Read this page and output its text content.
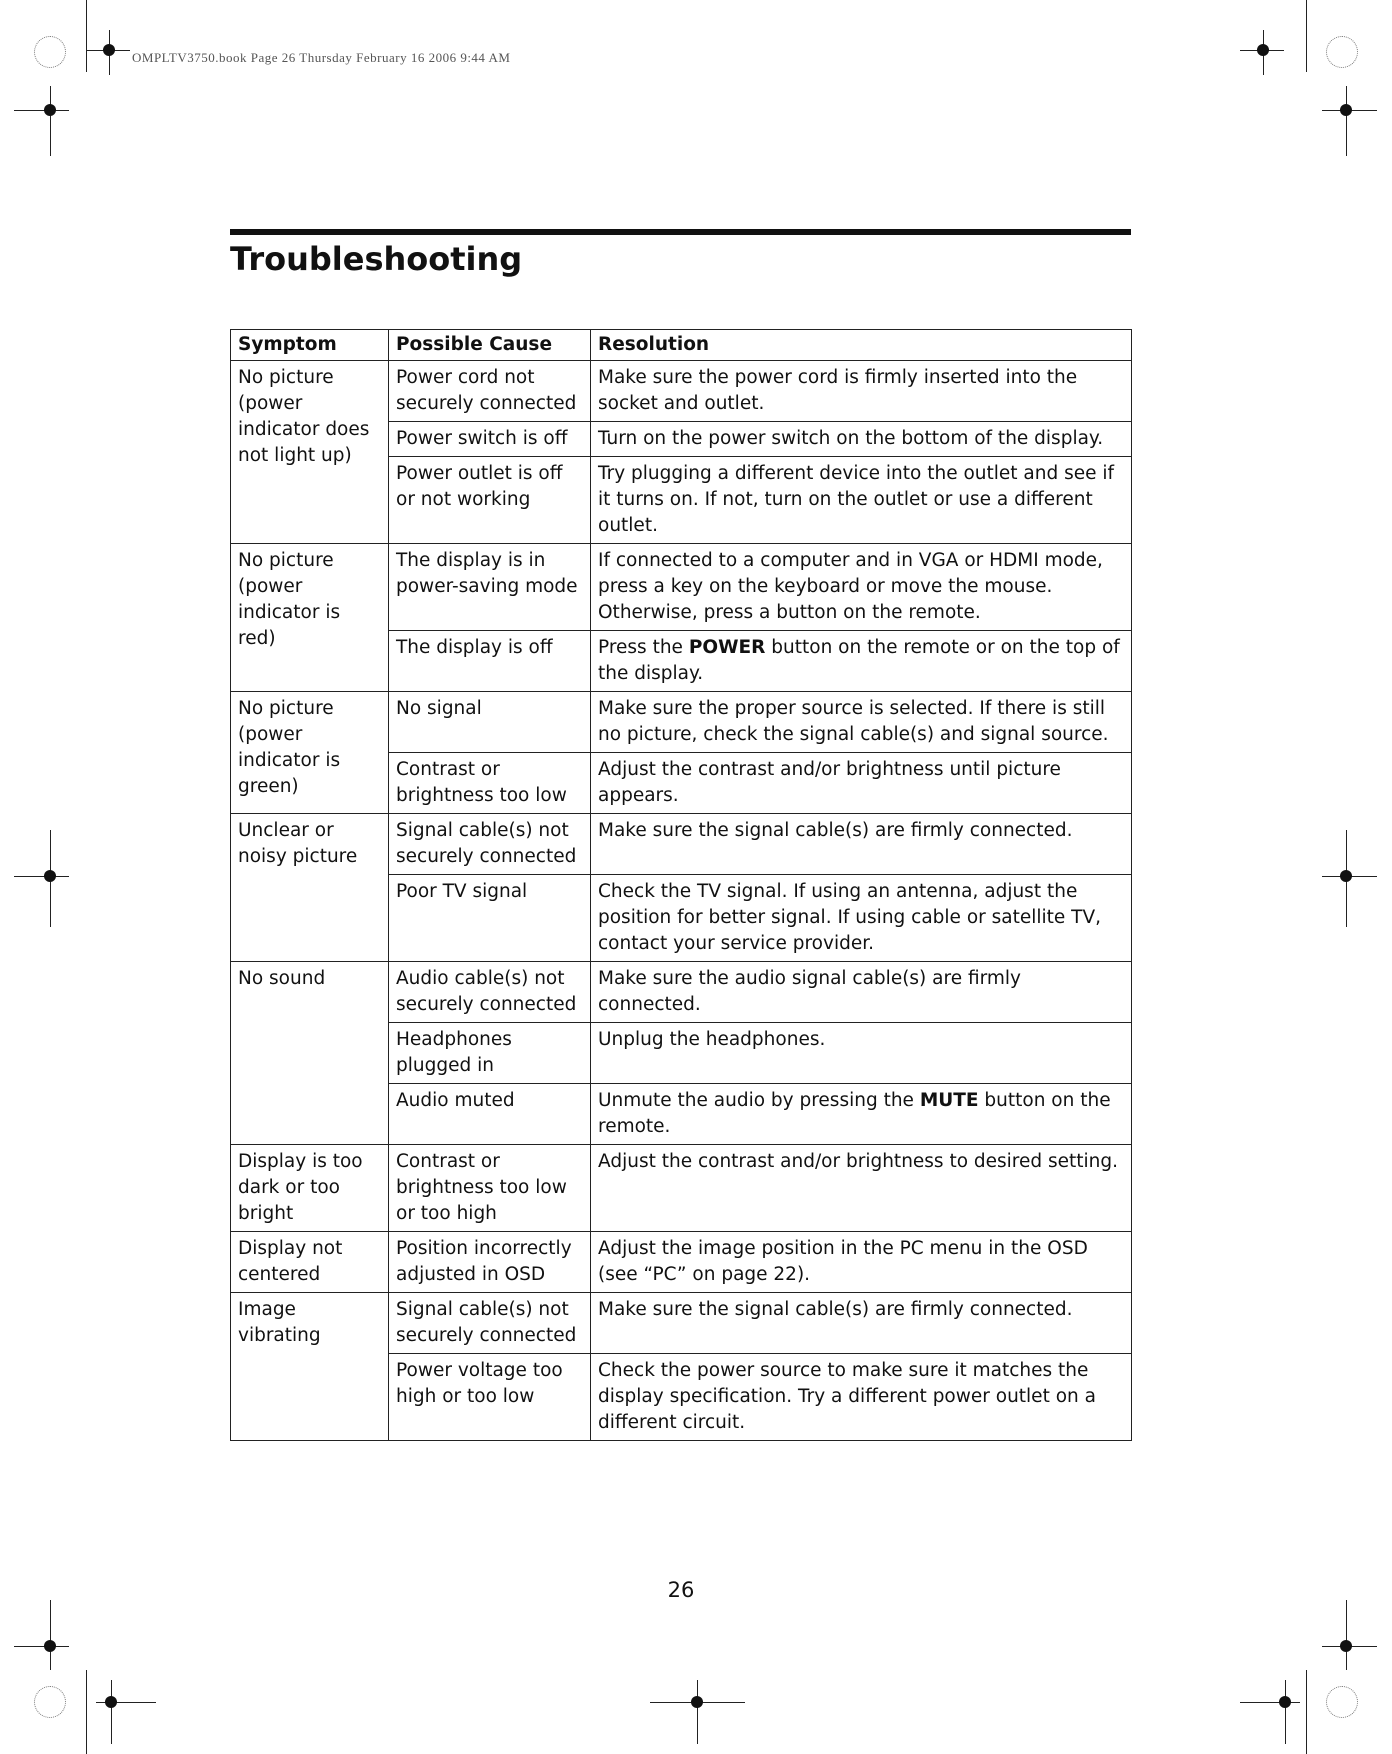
OMPLTV3750.book Page 26 Thursday February 16 2006 9:44 AM
Troubleshooting
Symptom	Possible Cause	Resolution
No picture (power indicator does not light up)	Power cord not securely connected	Make sure the power cord is firmly inserted into the socket and outlet.
	Power switch is off	Turn on the power switch on the bottom of the display.
	Power outlet is off or not working	Try plugging a different device into the outlet and see if it turns on. If not, turn on the outlet or use a different outlet.
No picture (power indicator is red)	The display is in power-saving mode	If connected to a computer and in VGA or HDMI mode, press a key on the keyboard or move the mouse. Otherwise, press a button on the remote.
	The display is off	Press the POWER button on the remote or on the top of the display.
No picture (power indicator is green)	No signal	Make sure the proper source is selected. If there is still no picture, check the signal cable(s) and signal source.
	Contrast or brightness too low	Adjust the contrast and/or brightness until picture appears.
Unclear or noisy picture	Signal cable(s) not securely connected	Make sure the signal cable(s) are firmly connected.
	Poor TV signal	Check the TV signal. If using an antenna, adjust the position for better signal. If using cable or satellite TV, contact your service provider.
No sound	Audio cable(s) not securely connected	Make sure the audio signal cable(s) are firmly connected.
	Headphones plugged in	Unplug the headphones.
	Audio muted	Unmute the audio by pressing the MUTE button on the remote.
Display is too dark or too bright	Contrast or brightness too low or too high	Adjust the contrast and/or brightness to desired setting.
Display not centered	Position incorrectly adjusted in OSD	Adjust the image position in the PC menu in the OSD (see “PC” on page 22).
Image vibrating	Signal cable(s) not securely connected	Make sure the signal cable(s) are firmly connected.
	Power voltage too high or too low	Check the power source to make sure it matches the display specification. Try a different power outlet on a different circuit.
26
